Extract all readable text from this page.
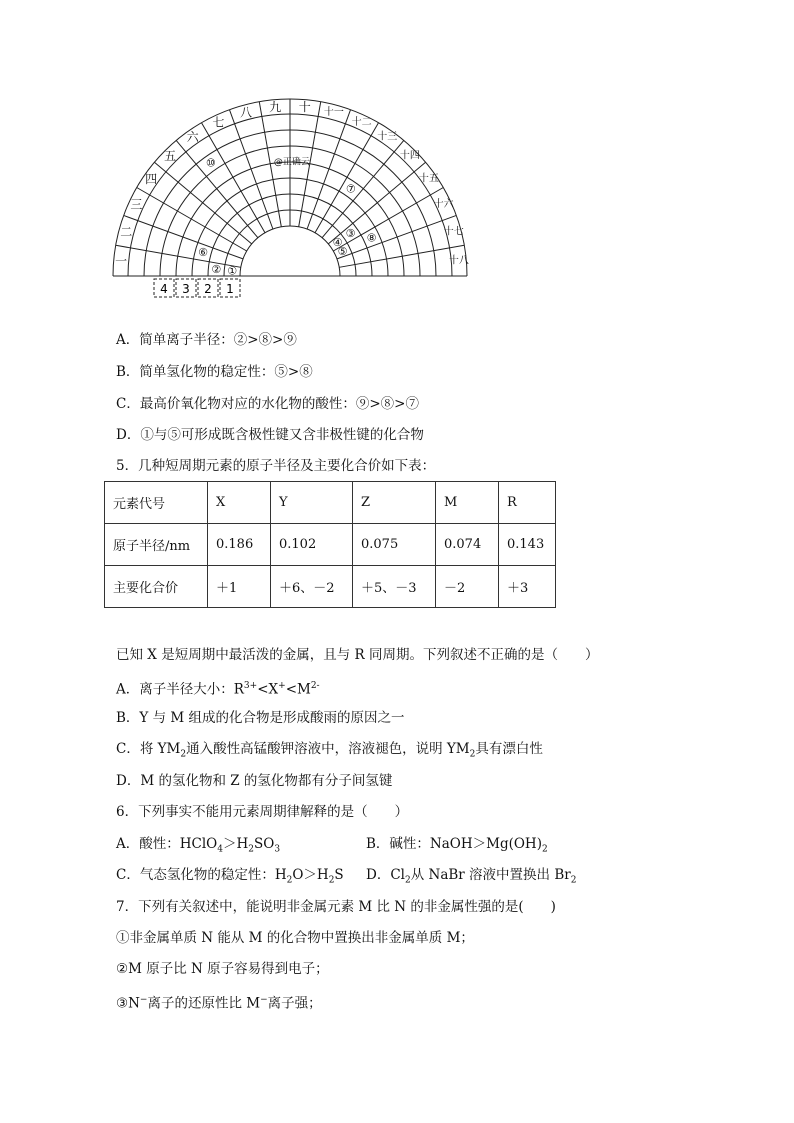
一
二
三
四
五
六
七
八 九 十 十一
十二
十三
十四
十五
十六
十七
十八
①
②
③
④
⑤
⑥
⑦
⑧
⑩	@正确云
4 3 2 1
A．简单离子半径：②>⑧>⑨
B．简单氢化物的稳定性：⑤>⑧
C．最高价氧化物对应的水化物的酸性：⑨>⑧>⑦
D．①与⑤可形成既含极性键又含非极性键的化合物
5．几种短周期元素的原子半径及主要化合价如下表：
元素代号	X	Y	Z	M	R
原子半径/nm	0.186	0.102	0.075	0.074	0.143
主要化合价	＋1	＋6、－2	＋5、－3	－2	＋3
已知 X 是短周期中最活泼的金属，且与 R 同周期。下列叙述不正确的是（　　）
A．离子半径大小：$R^{3+}<X^+<M^{2-}$
B．Y 与 M 组成的化合物是形成酸雨的原因之一
C．将 $YM_2$通入酸性高锰酸钾溶液中，溶液褪色，说明 $YM_2$具有漂白性
D．M 的氢化物和 Z 的氢化物都有分子间氢键
6．下列事实不能用元素周期律解释的是（　　）
A．酸性：$HClO_4>H_2SO_3$	B．碱性：$NaOH>Mg(OH)_2$
C．气态氢化物的稳定性：$H_2O>H_2S$ D．$Cl_2$从 NaBr 溶液中置换出 $Br_2$
7．下列有关叙述中，能说明非金属元素 M 比 N 的非金属性强的是(　　)
①非金属单质 N 能从 M 的化合物中置换出非金属单质 M；
②M 原子比 N 原子容易得到电子；
③N−离子的还原性比 M−离子强；
